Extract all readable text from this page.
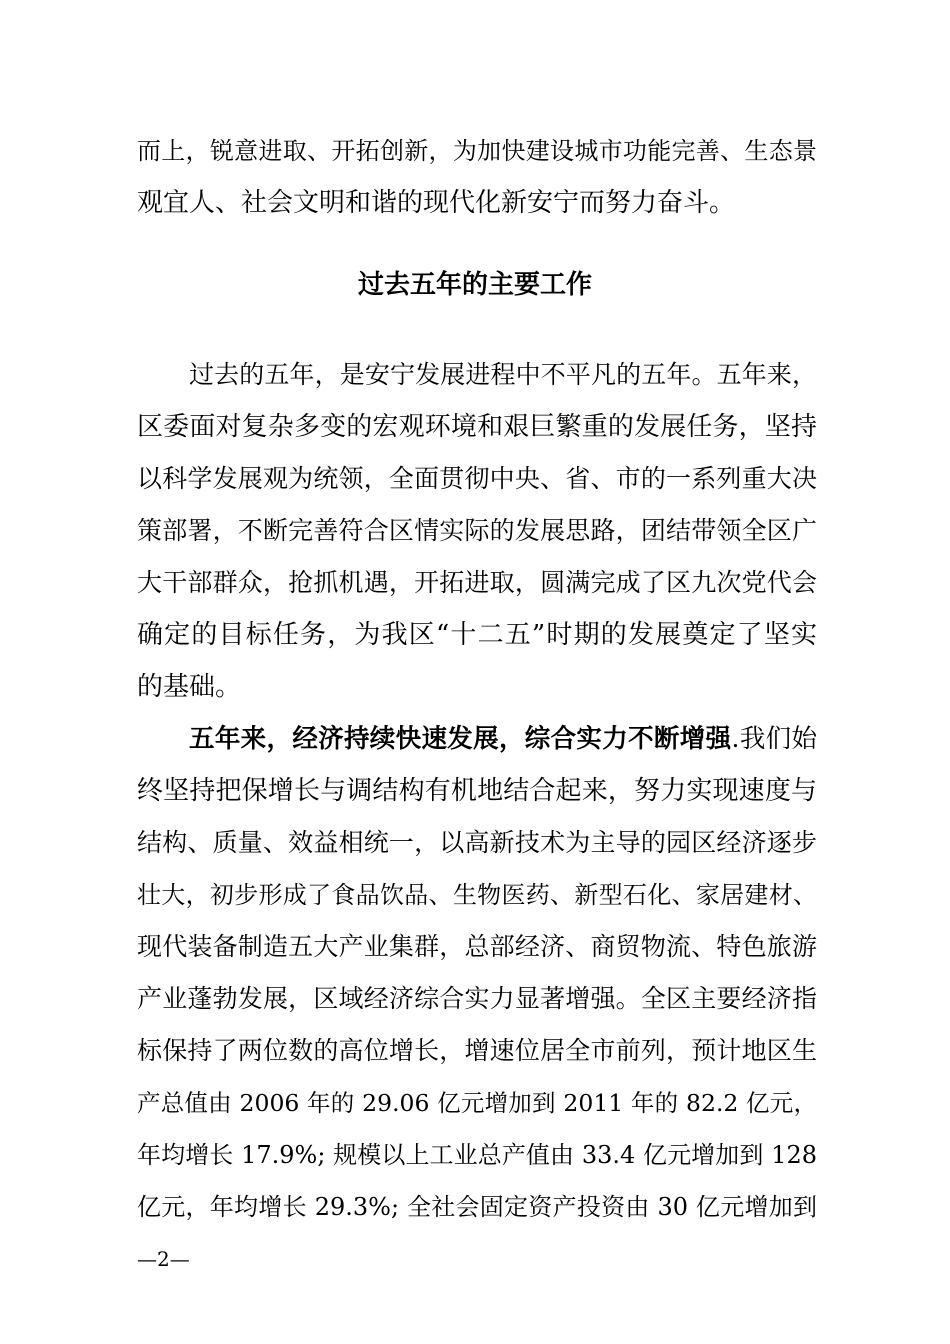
而上，锐意进取、开拓创新，为加快建设城市功能完善、生态景
观宜人、社会文明和谐的现代化新安宁而努力奋斗。
过去五年的主要工作
过去的五年，是安宁发展进程中不平凡的五年。五年来，
区委面对复杂多变的宏观环境和艰巨繁重的发展任务，坚持
以科学发展观为统领，全面贯彻中央、省、市的一系列重大决
策部署，不断完善符合区情实际的发展思路，团结带领全区广
大干部群众，抢抓机遇，开拓进取，圆满完成了区九次党代会
确定的目标任务，为我区“十二五”时期的发展奠定了坚实
的基础。
五年来，经济持续快速发展，综合实力不断增强.我们始
终坚持把保增长与调结构有机地结合起来，努力实现速度与
结构、质量、效益相统一，以高新技术为主导的园区经济逐步
壮大，初步形成了食品饮品、生物医药、新型石化、家居建材、
现代装备制造五大产业集群，总部经济、商贸物流、特色旅游
产业蓬勃发展，区域经济综合实力显著增强。全区主要经济指
标保持了两位数的高位增长，增速位居全市前列，预计地区生
产总值由 2006 年的 29.06 亿元增加到 2011 年的 82.2 亿元，
年均增长 17.9%; 规模以上工业总产值由 33.4 亿元增加到 128
亿元，年均增长 29.3%; 全社会固定资产投资由 30 亿元增加到
—2—
